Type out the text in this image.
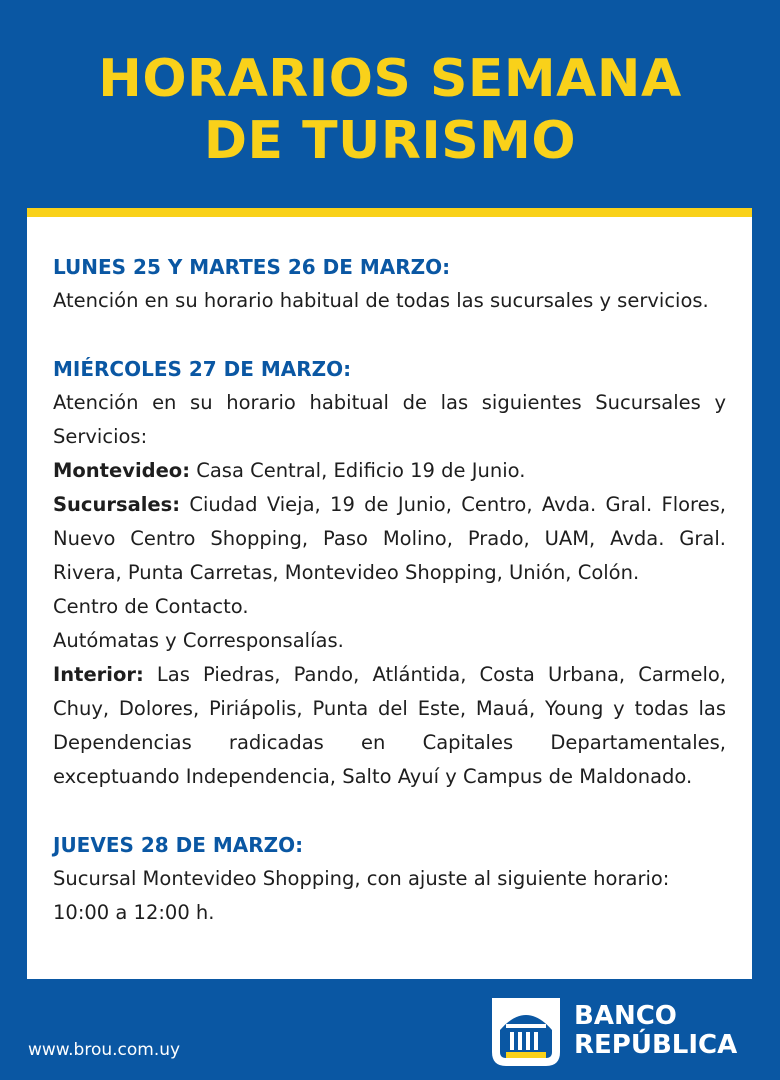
HORARIOS SEMANA
DE TURISMO

LUNES 25 Y MARTES 26 DE MARZO:

Atención en su horario habitual de todas las sucursales y servicios.

MIÉRCOLES 27 DE MARZO:

Atención en su horario habitual de las siguientes Sucursales y Servicios:

Montevideo: Casa Central, Edificio 19 de Junio.

Sucursales: Ciudad Vieja, 19 de Junio, Centro, Avda. Gral. Flores, Nuevo Centro Shopping, Paso Molino, Prado, UAM, Avda. Gral. Rivera, Punta Carretas, Montevideo Shopping, Unión, Colón.

Centro de Contacto.

Autómatas y Corresponsalías.

Interior: Las Piedras, Pando, Atlántida, Costa Urbana, Carmelo, Chuy, Dolores, Piriápolis, Punta del Este, Mauá, Young y todas las Dependencias radicadas en Capitales Departamentales, exceptuando Independencia, Salto Ayuí y Campus de Maldonado.

JUEVES 28 DE MARZO:

Sucursal Montevideo Shopping, con ajuste al siguiente horario: 10:00 a 12:00 h.

www.brou.com.uy
BANCO
REPÚBLICA
